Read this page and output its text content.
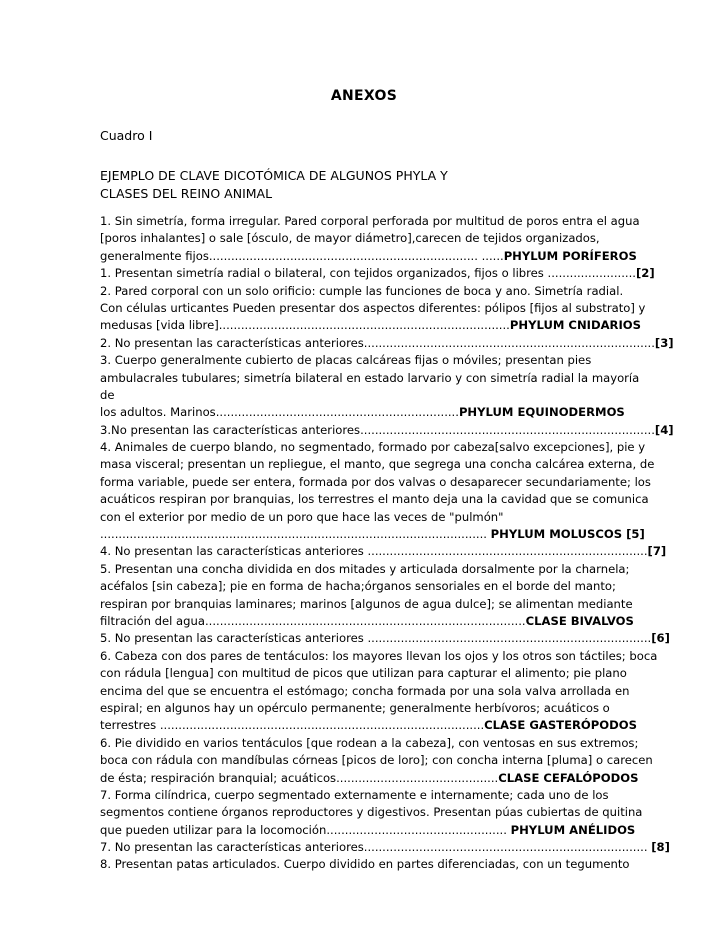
ANEXOS
Cuadro I
EJEMPLO DE CLAVE DICOTÓMICA DE ALGUNOS PHYLA Y
CLASES DEL REINO ANIMAL
1. Sin simetría, forma irregular. Pared corporal perforada por multitud de poros entra el agua
[poros inhalantes] o sale [ósculo, de mayor diámetro],carecen de tejidos organizados,
generalmente fijos......................................................................... ......PHYLUM PORÍFEROS
1. Presentan simetría radial o bilateral, con tejidos organizados, fijos o libres ........................[2]
2. Pared corporal con un solo orificio: cumple las funciones de boca y ano. Simetría radial.
Con células urticantes Pueden presentar dos aspectos diferentes: pólipos [fijos al substrato] y
medusas [vida libre]...............................................................................PHYLUM CNIDARIOS
2. No presentan las características anteriores...............................................................................[3]
3. Cuerpo generalmente cubierto de placas calcáreas fijas o móviles; presentan pies
ambulacrales tubulares; simetría bilateral en estado larvario y con simetría radial la mayoría
de
los adultos. Marinos..................................................................PHYLUM EQUINODERMOS
3.No presentan las características anteriores................................................................................[4]
4. Animales de cuerpo blando, no segmentado, formado por cabeza[salvo excepciones], pie y
masa visceral; presentan un repliegue, el manto, que segrega una concha calcárea externa, de
forma variable, puede ser entera, formada por dos valvas o desaparecer secundariamente; los
acuáticos respiran por branquias, los terrestres el manto deja una la cavidad que se comunica
con el exterior por medio de un poro que hace las veces de "pulmón"
......................................................................................................... PHYLUM MOLUSCOS [5]
4. No presentan las características anteriores ............................................................................[7]
5. Presentan una concha dividida en dos mitades y articulada dorsalmente por la charnela;
acéfalos [sin cabeza]; pie en forma de hacha;órganos sensoriales en el borde del manto;
respiran por branquias laminares; marinos [algunos de agua dulce]; se alimentan mediante
filtración del agua.......................................................................................CLASE BIVALVOS
5. No presentan las características anteriores .............................................................................[6]
6. Cabeza con dos pares de tentáculos: los mayores llevan los ojos y los otros son táctiles; boca
con rádula [lengua] con multitud de picos que utilizan para capturar el alimento; pie plano
encima del que se encuentra el estómago; concha formada por una sola valva arrollada en
espiral; en algunos hay un opérculo permanente; generalmente herbívoros; acuáticos o
terrestres ........................................................................................CLASE GASTERÓPODOS
6. Pie dividido en varios tentáculos [que rodean a la cabeza], con ventosas en sus extremos;
boca con rádula con mandíbulas córneas [picos de loro]; con concha interna [pluma] o carecen
de ésta; respiración branquial; acuáticos............................................CLASE CEFALÓPODOS
7. Forma cilíndrica, cuerpo segmentado externamente e internamente; cada uno de los
segmentos contiene órganos reproductores y digestivos. Presentan púas cubiertas de quitina
que pueden utilizar para la locomoción................................................. PHYLUM ANÉLIDOS
7. No presentan las características anteriores............................................................................. [8]
8. Presentan patas articulados. Cuerpo dividido en partes diferenciadas, con un tegumento
